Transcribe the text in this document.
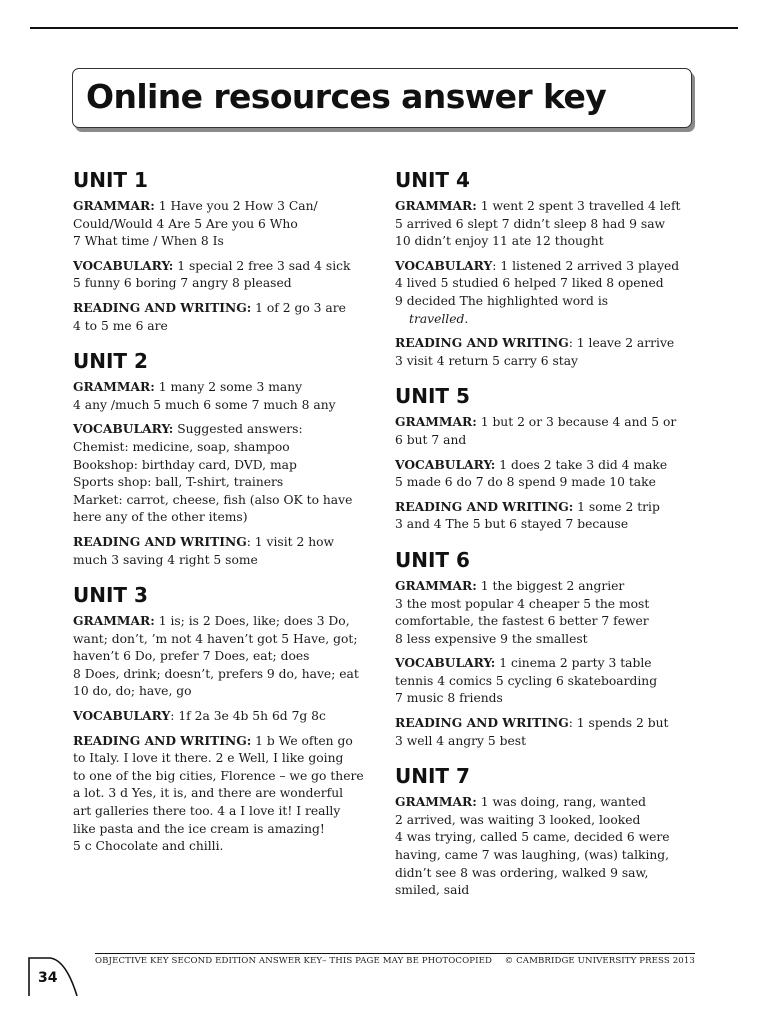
Online resources answer key
UNIT 1
GRAMMAR: 1 Have you 2 How 3 Can/
Could/Would 4 Are 5 Are you 6 Who
7 What time / When 8 Is
VOCABULARY: 1 special 2 free 3 sad 4 sick
5 funny 6 boring 7 angry 8 pleased
READING AND WRITING: 1 of 2 go 3 are
4 to 5 me 6 are
UNIT 2
GRAMMAR: 1 many 2 some 3 many
4 any /much 5 much 6 some 7 much 8 any
VOCABULARY: Suggested answers:
Chemist: medicine, soap, shampoo
Bookshop: birthday card, DVD, map
Sports shop: ball, T-shirt, trainers
Market: carrot, cheese, fish (also OK to have
here any of the other items)
READING AND WRITING: 1 visit 2 how
much 3 saving 4 right 5 some
UNIT 3
GRAMMAR: 1 is; is 2 Does, like; does 3 Do,
want; don’t, ’m not 4 haven’t got 5 Have, got;
haven’t 6 Do, prefer 7 Does, eat; does
8 Does, drink; doesn’t, prefers 9 do, have; eat
10 do, do; have, go
VOCABULARY: 1f 2a 3e 4b 5h 6d 7g 8c
READING AND WRITING: 1 b We often go
to Italy. I love it there. 2 e Well, I like going
to one of the big cities, Florence – we go there
a lot. 3 d Yes, it is, and there are wonderful
art galleries there too. 4 a I love it! I really
like pasta and the ice cream is amazing!
5 c Chocolate and chilli.
UNIT 4
GRAMMAR: 1 went 2 spent 3 travelled 4 left
5 arrived 6 slept 7 didn’t sleep 8 had 9 saw
10 didn’t enjoy 11 ate 12 thought
VOCABULARY: 1 listened 2 arrived 3 played
4 lived 5 studied 6 helped 7 liked 8 opened
9 decided The highlighted word is
travelled.
READING AND WRITING: 1 leave 2 arrive
3 visit 4 return 5 carry 6 stay
UNIT 5
GRAMMAR: 1 but 2 or 3 because 4 and 5 or
6 but 7 and
VOCABULARY: 1 does 2 take 3 did 4 make
5 made 6 do 7 do 8 spend 9 made 10 take
READING AND WRITING: 1 some 2 trip
3 and 4 The 5 but 6 stayed 7 because
UNIT 6
GRAMMAR: 1 the biggest 2 angrier
3 the most popular 4 cheaper 5 the most
comfortable, the fastest 6 better 7 fewer
8 less expensive 9 the smallest
VOCABULARY: 1 cinema 2 party 3 table
tennis 4 comics 5 cycling 6 skateboarding
7 music 8 friends
READING AND WRITING: 1 spends 2 but
3 well 4 angry 5 best
UNIT 7
GRAMMAR: 1 was doing, rang, wanted
2 arrived, was waiting 3 looked, looked
4 was trying, called 5 came, decided 6 were
having, came 7 was laughing, (was) talking,
didn’t see 8 was ordering, walked 9 saw,
smiled, said
OBJECTIVE KEY SECOND EDITION ANSWER KEY– THIS PAGE MAY BE PHOTOCOPIED © CAMBRIDGE UNIVERSITY PRESS 2013
34
